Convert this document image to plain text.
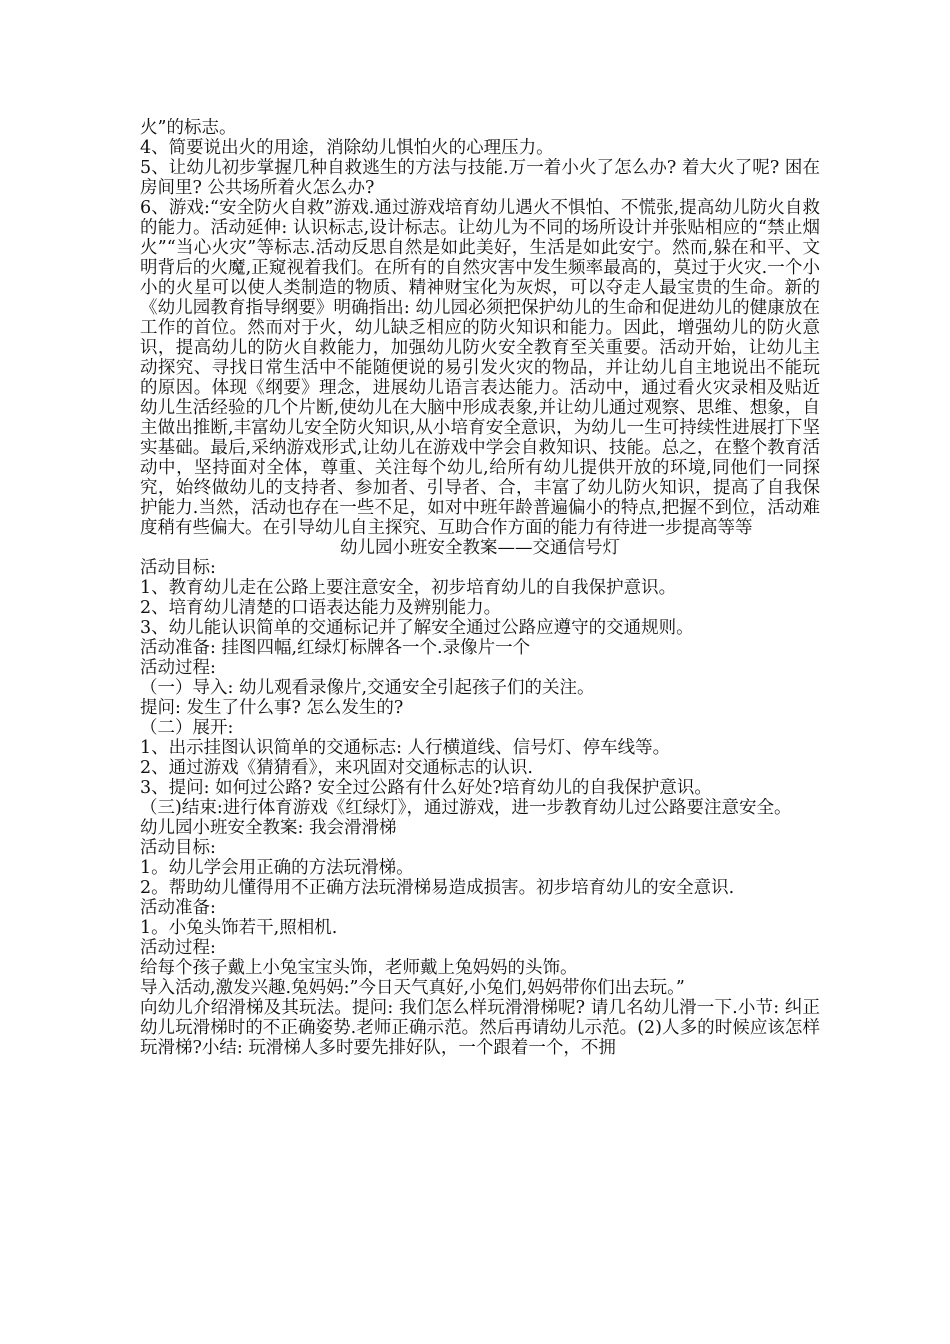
火”的标志。

4、简要说出火的用途，消除幼儿惧怕火的心理压力。

5、让幼儿初步掌握几种自救逃生的方法与技能.万一着小火了怎么办? 着大火了呢? 困在房间里? 公共场所着火怎么办?

6、游戏:“安全防火自救”游戏.通过游戏培育幼儿遇火不惧怕、不慌张,提高幼儿防火自救的能力。活动延伸: 认识标志,设计标志。让幼儿为不同的场所设计并张贴相应的“禁止烟火”“当心火灾”等标志.活动反思自然是如此美好，生活是如此安宁。然而,躲在和平、文明背后的火魔,正窥视着我们。在所有的自然灾害中发生频率最高的，莫过于火灾.一个小小的火星可以使人类制造的物质、精神财宝化为灰烬，可以夺走人最宝贵的生命。新的《幼儿园教育指导纲要》明确指出: 幼儿园必须把保护幼儿的生命和促进幼儿的健康放在工作的首位。然而对于火，幼儿缺乏相应的防火知识和能力。因此，增强幼儿的防火意识，提高幼儿的防火自救能力，加强幼儿防火安全教育至关重要。活动开始，让幼儿主动探究、寻找日常生活中不能随便说的易引发火灾的物品，并让幼儿自主地说出不能玩的原因。体现《纲要》理念，进展幼儿语言表达能力。活动中，通过看火灾录相及贴近幼儿生活经验的几个片断,使幼儿在大脑中形成表象,并让幼儿通过观察、思维、想象，自主做出推断,丰富幼儿安全防火知识,从小培育安全意识，为幼儿一生可持续性进展打下坚实基础。最后,采纳游戏形式,让幼儿在游戏中学会自救知识、技能。总之，在整个教育活动中，坚持面对全体，尊重、关注每个幼儿,给所有幼儿提供开放的环境,同他们一同探究，始终做幼儿的支持者、参加者、引导者、合，丰富了幼儿防火知识，提高了自我保护能力.当然，活动也存在一些不足，如对中班年龄普遍偏小的特点,把握不到位，活动难度稍有些偏大。在引导幼儿自主探究、互助合作方面的能力有待进一步提高等等

幼儿园小班安全教案——交通信号灯

活动目标:

1、教育幼儿走在公路上要注意安全，初步培育幼儿的自我保护意识。

2、培育幼儿清楚的口语表达能力及辨别能力。

3、幼儿能认识简单的交通标记并了解安全通过公路应遵守的交通规则。

活动准备: 挂图四幅,红绿灯标牌各一个.录像片一个

活动过程:

（一）导入: 幼儿观看录像片,交通安全引起孩子们的关注。

提问: 发生了什么事? 怎么发生的?

（二）展开:

1、出示挂图认识简单的交通标志: 人行横道线、信号灯、停车线等。

2、通过游戏《猜猜看》，来巩固对交通标志的认识.

3、提问: 如何过公路? 安全过公路有什么好处?培育幼儿的自我保护意识。

（三)结束:进行体育游戏《红绿灯》，通过游戏，进一步教育幼儿过公路要注意安全。

幼儿园小班安全教案: 我会滑滑梯

活动目标:

1。幼儿学会用正确的方法玩滑梯。

2。帮助幼儿懂得用不正确方法玩滑梯易造成损害。初步培育幼儿的安全意识.

活动准备:

1。小兔头饰若干,照相机.

活动过程:

给每个孩子戴上小兔宝宝头饰，老师戴上兔妈妈的头饰。

导入活动,激发兴趣.兔妈妈:”今日天气真好,小兔们,妈妈带你们出去玩。”

向幼儿介绍滑梯及其玩法。提问: 我们怎么样玩滑滑梯呢? 请几名幼儿滑一下.小节: 纠正幼儿玩滑梯时的不正确姿势.老师正确示范。然后再请幼儿示范。(2)人多的时候应该怎样玩滑梯?小结: 玩滑梯人多时要先排好队，一个跟着一个，不拥
